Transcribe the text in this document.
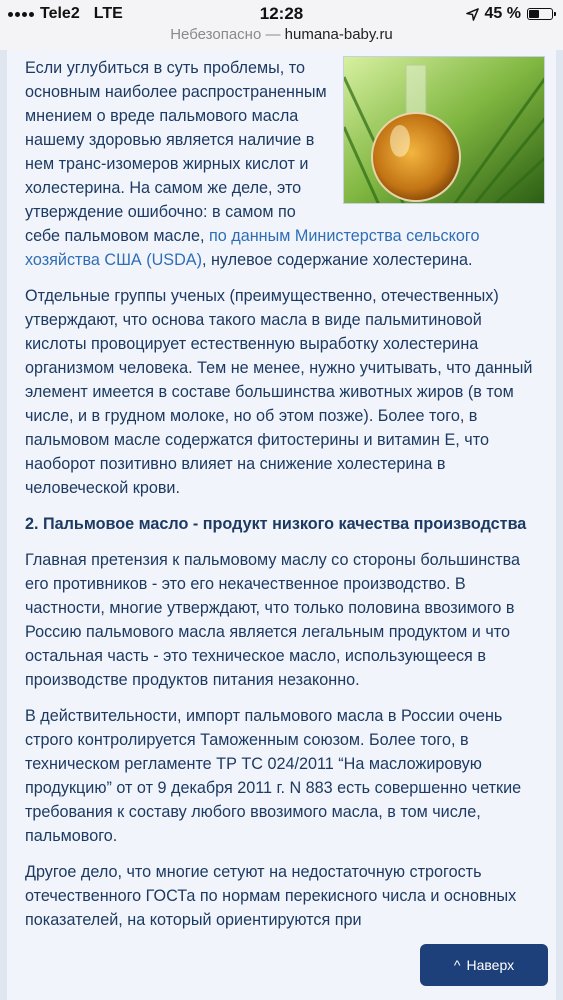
Tele2 LTE	12:28	45 %
Небезопасно — humana-baby.ru

Если углубиться в суть проблемы, то основным наиболее распространенным мнением о вреде пальмового масла нашему здоровью является наличие в нем транс-изомеров жирных кислот и холестерина. На самом же деле, это утверждение ошибочно: в самом по себе пальмовом масле, по данным Министерства сельского хозяйства США (USDA), нулевое содержание холестерина.

Отдельные группы ученых (преимущественно, отечественных) утверждают, что основа такого масла в виде пальмитиновой кислоты провоцирует естественную выработку холестерина организмом человека. Тем не менее, нужно учитывать, что данный элемент имеется в составе большинства животных жиров (в том числе, и в грудном молоке, но об этом позже). Более того, в пальмовом масле содержатся фитостерины и витамин Е, что наоборот позитивно влияет на снижение холестерина в человеческой крови.

2. Пальмовое масло - продукт низкого качества производства

Главная претензия к пальмовому маслу со стороны большинства его противников - это его некачественное производство. В частности, многие утверждают, что только половина ввозимого в Россию пальмового масла является легальным продуктом и что остальная часть - это техническое масло, использующееся в производстве продуктов питания незаконно.

В действительности, импорт пальмового масла в России очень строго контролируется Таможенным союзом. Более того, в техническом регламенте ТР ТС 024/2011 “На масложировую продукцию” от от 9 декабря 2011 г. N 883 есть совершенно четкие требования к составу любого ввозимого масла, в том числе, пальмового.

Другое дело, что многие сетуют на недостаточную строгость отечественного ГОСТа по нормам перекисного числа и основных показателей, на который ориентируются при

^ Наверх
